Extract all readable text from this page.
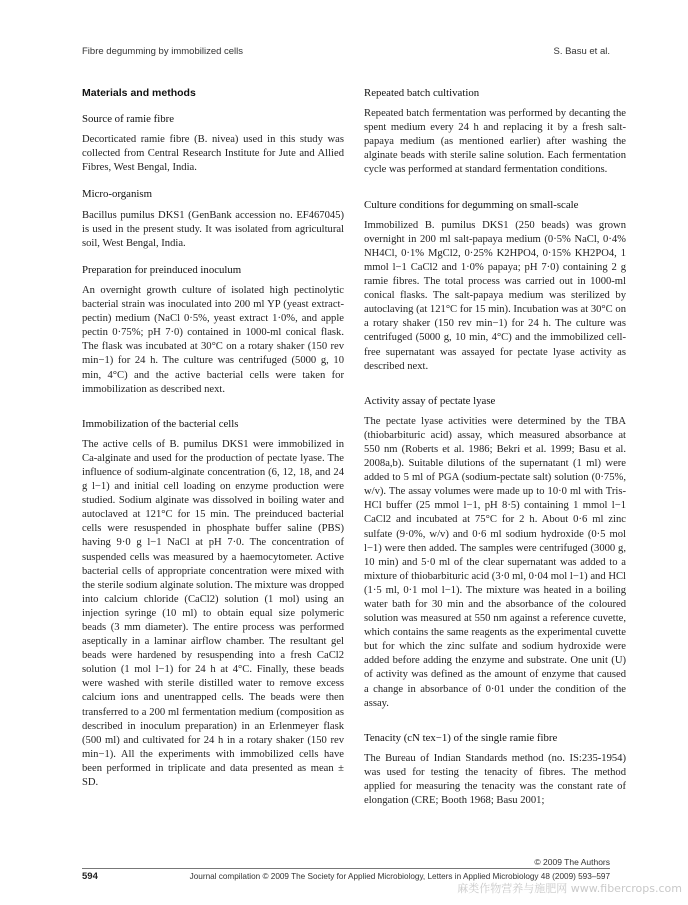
Fibre degumming by immobilized cells	S. Basu et al.
Materials and methods
Source of ramie fibre

Decorticated ramie fibre (B. nivea) used in this study was collected from Central Research Institute for Jute and Allied Fibres, West Bengal, India.

Micro-organism

Bacillus pumilus DKS1 (GenBank accession no. EF467045) is used in the present study. It was isolated from agricultural soil, West Bengal, India.

Preparation for preinduced inoculum

An overnight growth culture of isolated high pectinolytic bacterial strain was inoculated into 200 ml YP (yeast extract-pectin) medium (NaCl 0·5%, yeast extract 1·0%, and apple pectin 0·75%; pH 7·0) contained in 1000-ml conical flask. The flask was incubated at 30°C on a rotary shaker (150 rev min−1) for 24 h. The culture was centrifuged (5000 g, 10 min, 4°C) and the active bacterial cells were taken for immobilization as described next.

Immobilization of the bacterial cells

The active cells of B. pumilus DKS1 were immobilized in Ca-alginate and used for the production of pectate lyase. The influence of sodium-alginate concentration (6, 12, 18, and 24 g l−1) and initial cell loading on enzyme production were studied. Sodium alginate was dissolved in boiling water and autoclaved at 121°C for 15 min. The preinduced bacterial cells were resuspended in phosphate buffer saline (PBS) having 9·0 g l−1 NaCl at pH 7·0. The concentration of suspended cells was measured by a haemocytometer. Active bacterial cells of appropriate concentration were mixed with the sterile sodium alginate solution. The mixture was dropped into calcium chloride (CaCl2) solution (1 mol) using an injection syringe (10 ml) to obtain equal size polymeric beads (3 mm diameter). The entire process was performed aseptically in a laminar airflow chamber. The resultant gel beads were hardened by resuspending into a fresh CaCl2 solution (1 mol l−1) for 24 h at 4°C. Finally, these beads were washed with sterile distilled water to remove excess calcium ions and unentrapped cells. The beads were then transferred to a 200 ml fermentation medium (composition as described in inoculum preparation) in an Erlenmeyer flask (500 ml) and cultivated for 24 h in a rotary shaker (150 rev min−1). All the experiments with immobilized cells have been performed in triplicate and data presented as mean ± SD.

Repeated batch cultivation

Repeated batch fermentation was performed by decanting the spent medium every 24 h and replacing it by a fresh salt-papaya medium (as mentioned earlier) after washing the alginate beads with sterile saline solution. Each fermentation cycle was performed at standard fermentation conditions.

Culture conditions for degumming on small-scale

Immobilized B. pumilus DKS1 (250 beads) was grown overnight in 200 ml salt-papaya medium (0·5% NaCl, 0·4% NH4Cl, 0·1% MgCl2, 0·25% K2HPO4, 0·15% KH2PO4, 1 mmol l−1 CaCl2 and 1·0% papaya; pH 7·0) containing 2 g ramie fibres. The total process was carried out in 1000-ml conical flasks. The salt-papaya medium was sterilized by autoclaving (at 121°C for 15 min). Incubation was at 30°C on a rotary shaker (150 rev min−1) for 24 h. The culture was centrifuged (5000 g, 10 min, 4°C) and the immobilized cell-free supernatant was assayed for pectate lyase activity as described next.

Activity assay of pectate lyase

The pectate lyase activities were determined by the TBA (thiobarbituric acid) assay, which measured absorbance at 550 nm (Roberts et al. 1986; Bekri et al. 1999; Basu et al. 2008a,b). Suitable dilutions of the supernatant (1 ml) were added to 5 ml of PGA (sodium-pectate salt) solution (0·75%, w/v). The assay volumes were made up to 10·0 ml with Tris-HCl buffer (25 mmol l−1, pH 8·5) containing 1 mmol l−1 CaCl2 and incubated at 75°C for 2 h. About 0·6 ml zinc sulfate (9·0%, w/v) and 0·6 ml sodium hydroxide (0·5 mol l−1) were then added. The samples were centrifuged (3000 g, 10 min) and 5·0 ml of the clear supernatant was added to a mixture of thiobarbituric acid (3·0 ml, 0·04 mol l−1) and HCl (1·5 ml, 0·1 mol l−1). The mixture was heated in a boiling water bath for 30 min and the absorbance of the coloured solution was measured at 550 nm against a reference cuvette, which contains the same reagents as the experimental cuvette but for which the zinc sulfate and sodium hydroxide were added before adding the enzyme and substrate. One unit (U) of activity was defined as the amount of enzyme that caused a change in absorbance of 0·01 under the condition of the assay.

Tenacity (cN tex−1) of the single ramie fibre

The Bureau of Indian Standards method (no. IS:235-1954) was used for testing the tenacity of fibres. The method applied for measuring the tenacity was the constant rate of elongation (CRE; Booth 1968; Basu 2001;

© 2009 The Authors
594	Journal compilation © 2009 The Society for Applied Microbiology, Letters in Applied Microbiology 48 (2009) 593–597
麻类作物营养与施肥网 www.fibercrops.com
